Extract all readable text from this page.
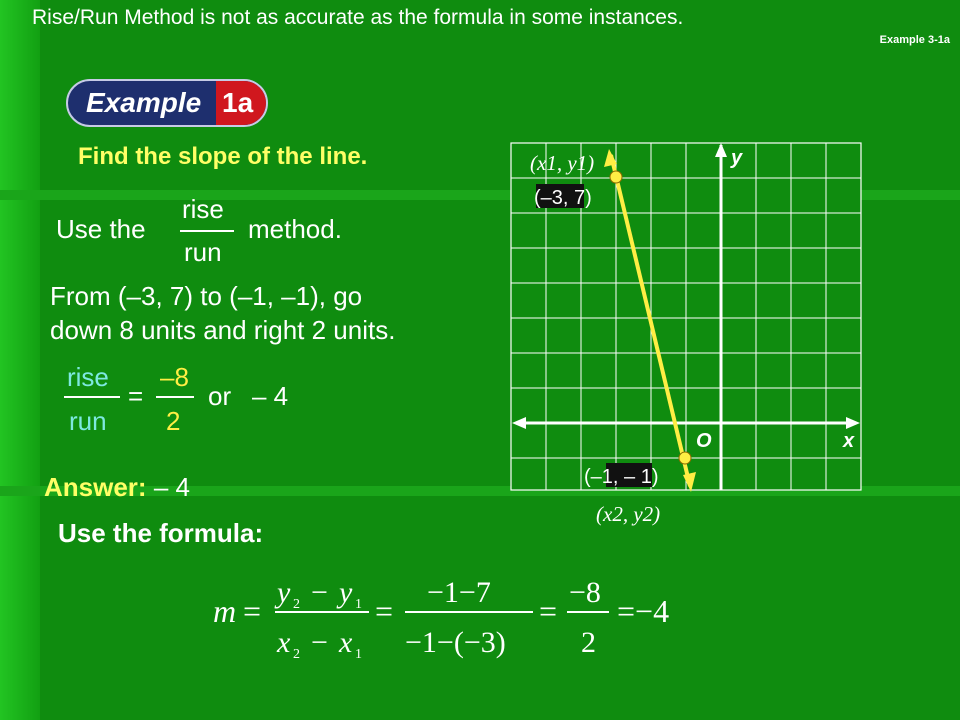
Rise/Run Method is not as accurate as the formula in some instances.
Example 3-1a
Example 1a
Find the slope of the line.
Use the
rise
run
method.
From (–3, 7) to (–1, –1), go
down 8 units and right 2 units.
rise
run
=
–8
2
or – 4
y
x
O
(–3, 7)
(x1, y1)
(–1, – 1)
(x2, y2)
Answer: – 4
Use the formula:
m =
y 2 − y 1
x 2 − x 1
=
−1−7
−1−(−3)
=
−8
2
=−4
